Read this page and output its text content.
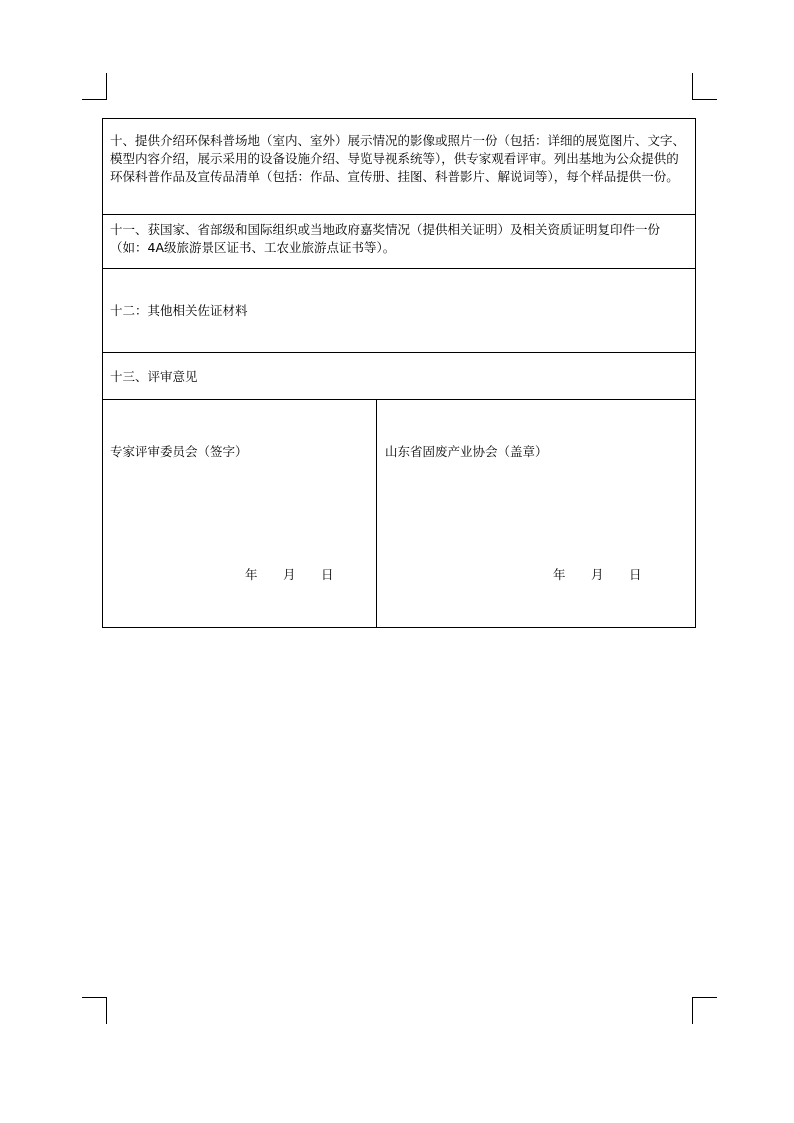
十、提供介绍环保科普场地（室内、室外）展示情况的影像或照片一份（包括：详细的展览图片、文字、模型内容介绍，展示采用的设备设施介绍、导览导视系统等），供专家观看评审。列出基地为公众提供的环保科普作品及宣传品清单（包括：作品、宣传册、挂图、科普影片、解说词等），每个样品提供一份。

十一、获国家、省部级和国际组织或当地政府嘉奖情况（提供相关证明）及相关资质证明复印件一份（如：4A级旅游景区证书、工农业旅游点证书等）。

十二：其他相关佐证材料

十三、评审意见

专家评审委员会（签字）
年	月	日
山东省固废产业协会（盖章）
年	月	日
